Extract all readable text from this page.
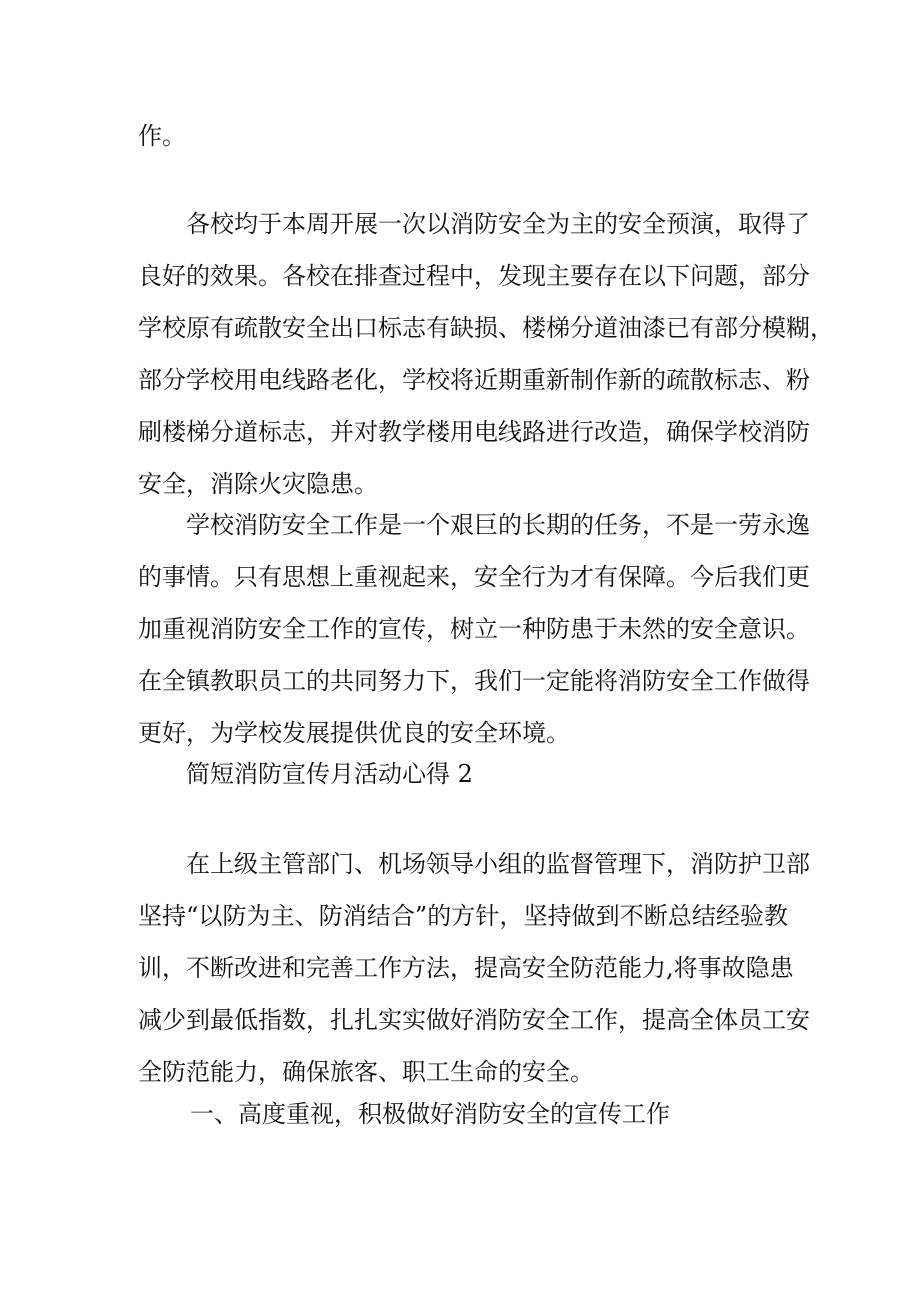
作。
各校均于本周开展一次以消防安全为主的安全预演，取得了
良好的效果。各校在排查过程中，发现主要存在以下问题，部分
学校原有疏散安全出口标志有缺损、楼梯分道油漆已有部分模糊，
部分学校用电线路老化，学校将近期重新制作新的疏散标志、粉
刷楼梯分道标志，并对教学楼用电线路进行改造，确保学校消防
安全，消除火灾隐患。
学校消防安全工作是一个艰巨的长期的任务，不是一劳永逸
的事情。只有思想上重视起来，安全行为才有保障。今后我们更
加重视消防安全工作的宣传，树立一种防患于未然的安全意识。
在全镇教职员工的共同努力下，我们一定能将消防安全工作做得
更好，为学校发展提供优良的安全环境。
简短消防宣传月活动心得 2
在上级主管部门、机场领导小组的监督管理下，消防护卫部
坚持“以防为主、防消结合”的方针，坚持做到不断总结经验教
训，不断改进和完善工作方法，提高安全防范能力,将事故隐患
减少到最低指数，扎扎实实做好消防安全工作，提高全体员工安
全防范能力，确保旅客、职工生命的安全。
一、高度重视，积极做好消防安全的宣传工作
